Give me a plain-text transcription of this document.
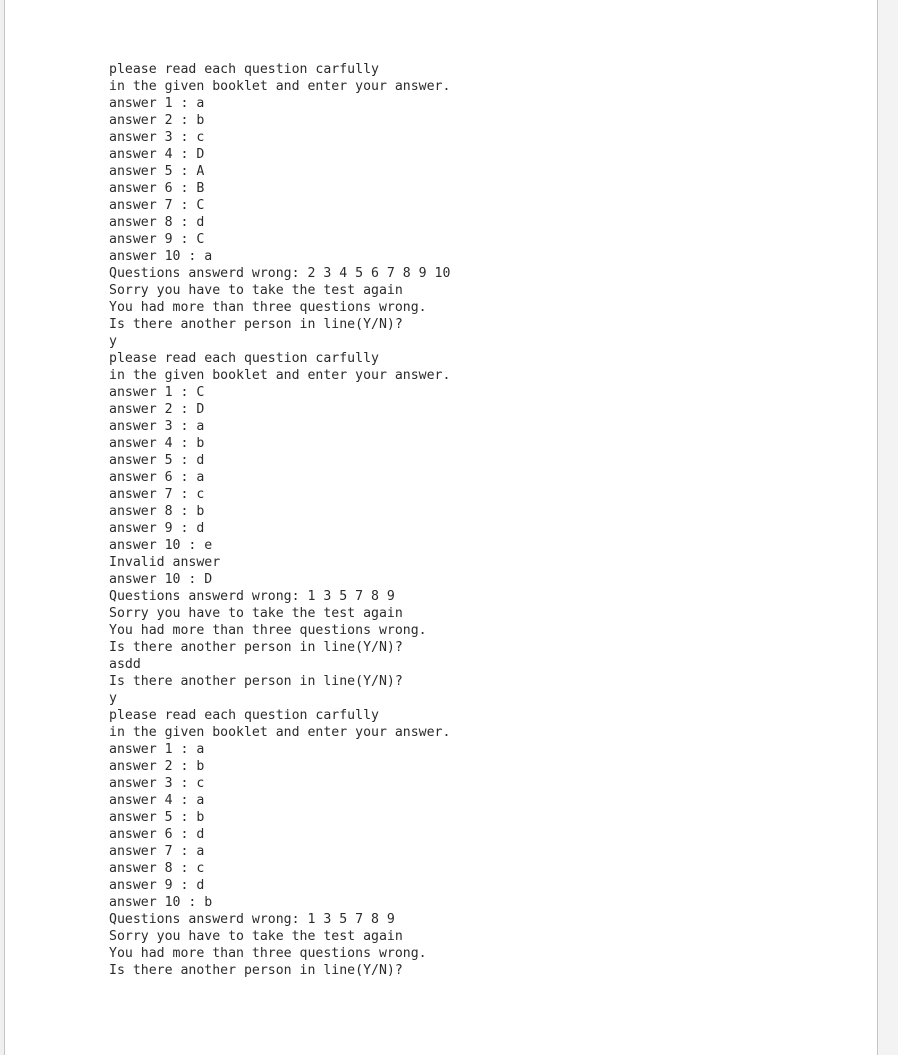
please read each question carfully
in the given booklet and enter your answer.
answer 1 : a
answer 2 : b
answer 3 : c
answer 4 : D
answer 5 : A
answer 6 : B
answer 7 : C
answer 8 : d
answer 9 : C
answer 10 : a
Questions answerd wrong: 2 3 4 5 6 7 8 9 10
Sorry you have to take the test again
You had more than three questions wrong.
Is there another person in line(Y/N)?
y
please read each question carfully
in the given booklet and enter your answer.
answer 1 : C
answer 2 : D
answer 3 : a
answer 4 : b
answer 5 : d
answer 6 : a
answer 7 : c
answer 8 : b
answer 9 : d
answer 10 : e
Invalid answer
answer 10 : D
Questions answerd wrong: 1 3 5 7 8 9
Sorry you have to take the test again
You had more than three questions wrong.
Is there another person in line(Y/N)?
asdd
Is there another person in line(Y/N)?
y
please read each question carfully
in the given booklet and enter your answer.
answer 1 : a
answer 2 : b
answer 3 : c
answer 4 : a
answer 5 : b
answer 6 : d
answer 7 : a
answer 8 : c
answer 9 : d
answer 10 : b
Questions answerd wrong: 1 3 5 7 8 9
Sorry you have to take the test again
You had more than three questions wrong.
Is there another person in line(Y/N)?
